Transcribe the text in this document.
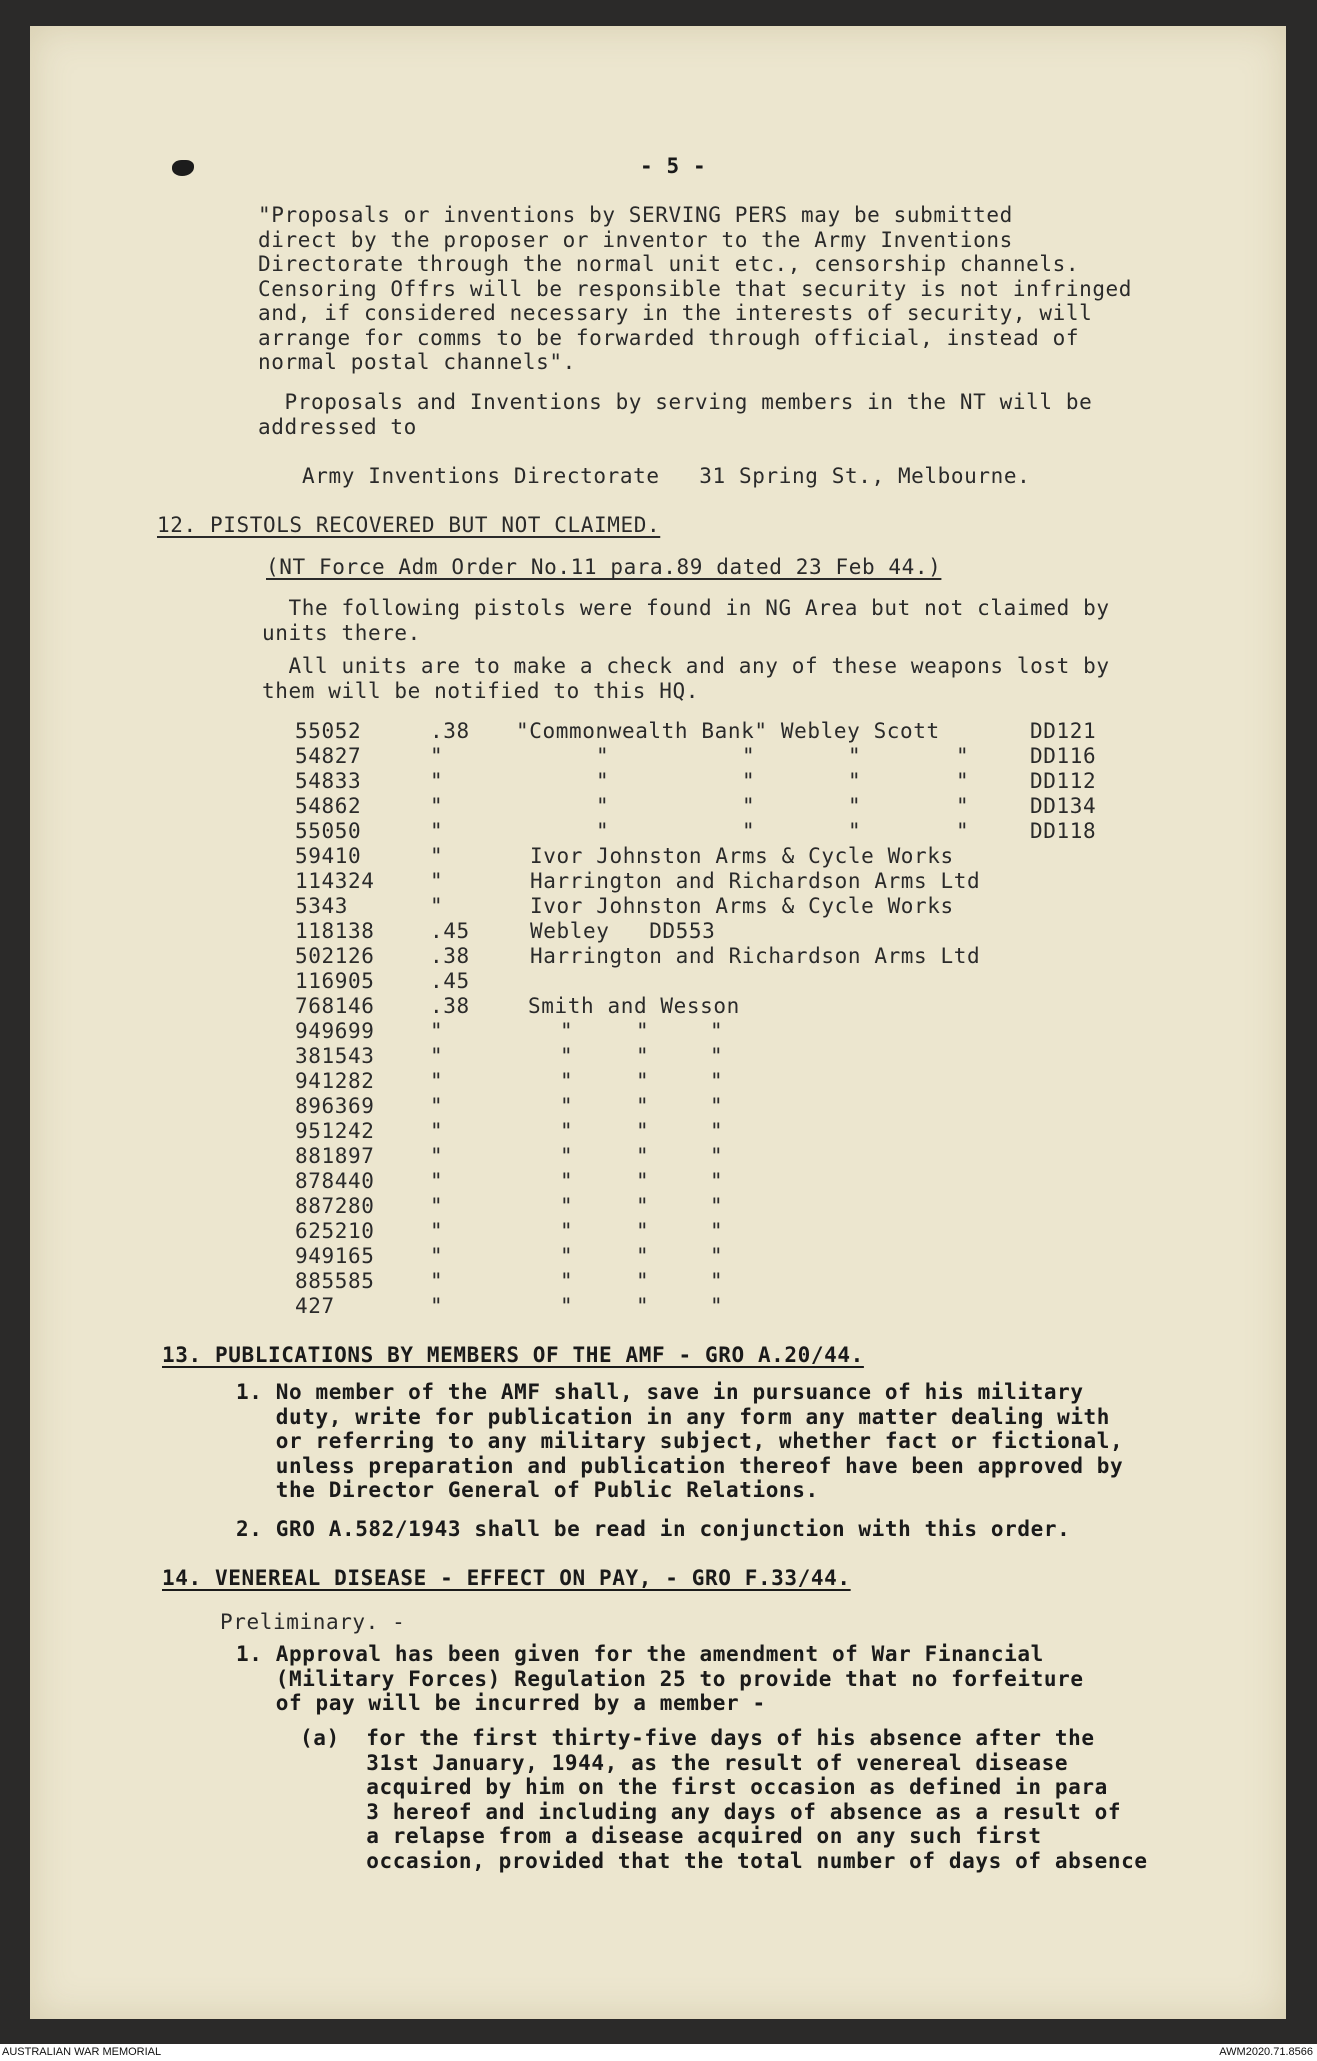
- 5 -
"Proposals or inventions by SERVING PERS may be submitted
direct by the proposer or inventor to the Army Inventions
Directorate through the normal unit etc., censorship channels.
Censoring Offrs will be responsible that security is not infringed
and, if considered necessary in the interests of security, will
arrange for comms to be forwarded through official, instead of
normal postal channels".
Proposals and Inventions by serving members in the NT will be
addressed to
Army Inventions Directorate   31 Spring St., Melbourne.
12. PISTOLS RECOVERED BUT NOT CLAIMED.
(NT Force Adm Order No.11 para.89 dated 23 Feb 44.)
The following pistols were found in NG Area but not claimed by
units there.
All units are to make a check and any of these weapons lost by
them will be notified to this HQ.
55052	.38 "Commonwealth Bank" Webley Scott	DD121
54827	"	"	"	"	"	DD116
54833	"	"	"	"	"	DD112
54862	"	"	"	"	"	DD134
55050	"	"	"	"	"	DD118
59410	"	Ivor Johnston Arms & Cycle Works
114324	"	Harrington and Richardson Arms Ltd
5343	"	Ivor Johnston Arms & Cycle Works
118138	.45	Webley   DD553
502126	.38	Harrington and Richardson Arms Ltd
116905	.45
768146	.38	Smith and Wesson
949699	"	"	"	"
381543	"	"	"	"
941282	"	"	"	"
896369	"	"	"	"
951242	"	"	"	"
881897	"	"	"	"
878440	"	"	"	"
887280	"	"	"	"
625210	"	"	"	"
949165	"	"	"	"
885585	"	"	"	"
427	"	"	"	"
13. PUBLICATIONS BY MEMBERS OF THE AMF - GRO A.20/44.
1. No member of the AMF shall, save in pursuance of his military
duty, write for publication in any form any matter dealing with
or referring to any military subject, whether fact or fictional,
unless preparation and publication thereof have been approved by
the Director General of Public Relations.
2. GRO A.582/1943 shall be read in conjunction with this order.
14. VENEREAL DISEASE - EFFECT ON PAY, - GRO F.33/44.
Preliminary. -
1. Approval has been given for the amendment of War Financial
(Military Forces) Regulation 25 to provide that no forfeiture
of pay will be incurred by a member -
(a)  for the first thirty-five days of his absence after the
31st January, 1944, as the result of venereal disease
acquired by him on the first occasion as defined in para
3 hereof and including any days of absence as a result of
a relapse from a disease acquired on any such first
occasion, provided that the total number of days of absence
AUSTRALIAN WAR MEMORIAL	AWM2020.71.8566
